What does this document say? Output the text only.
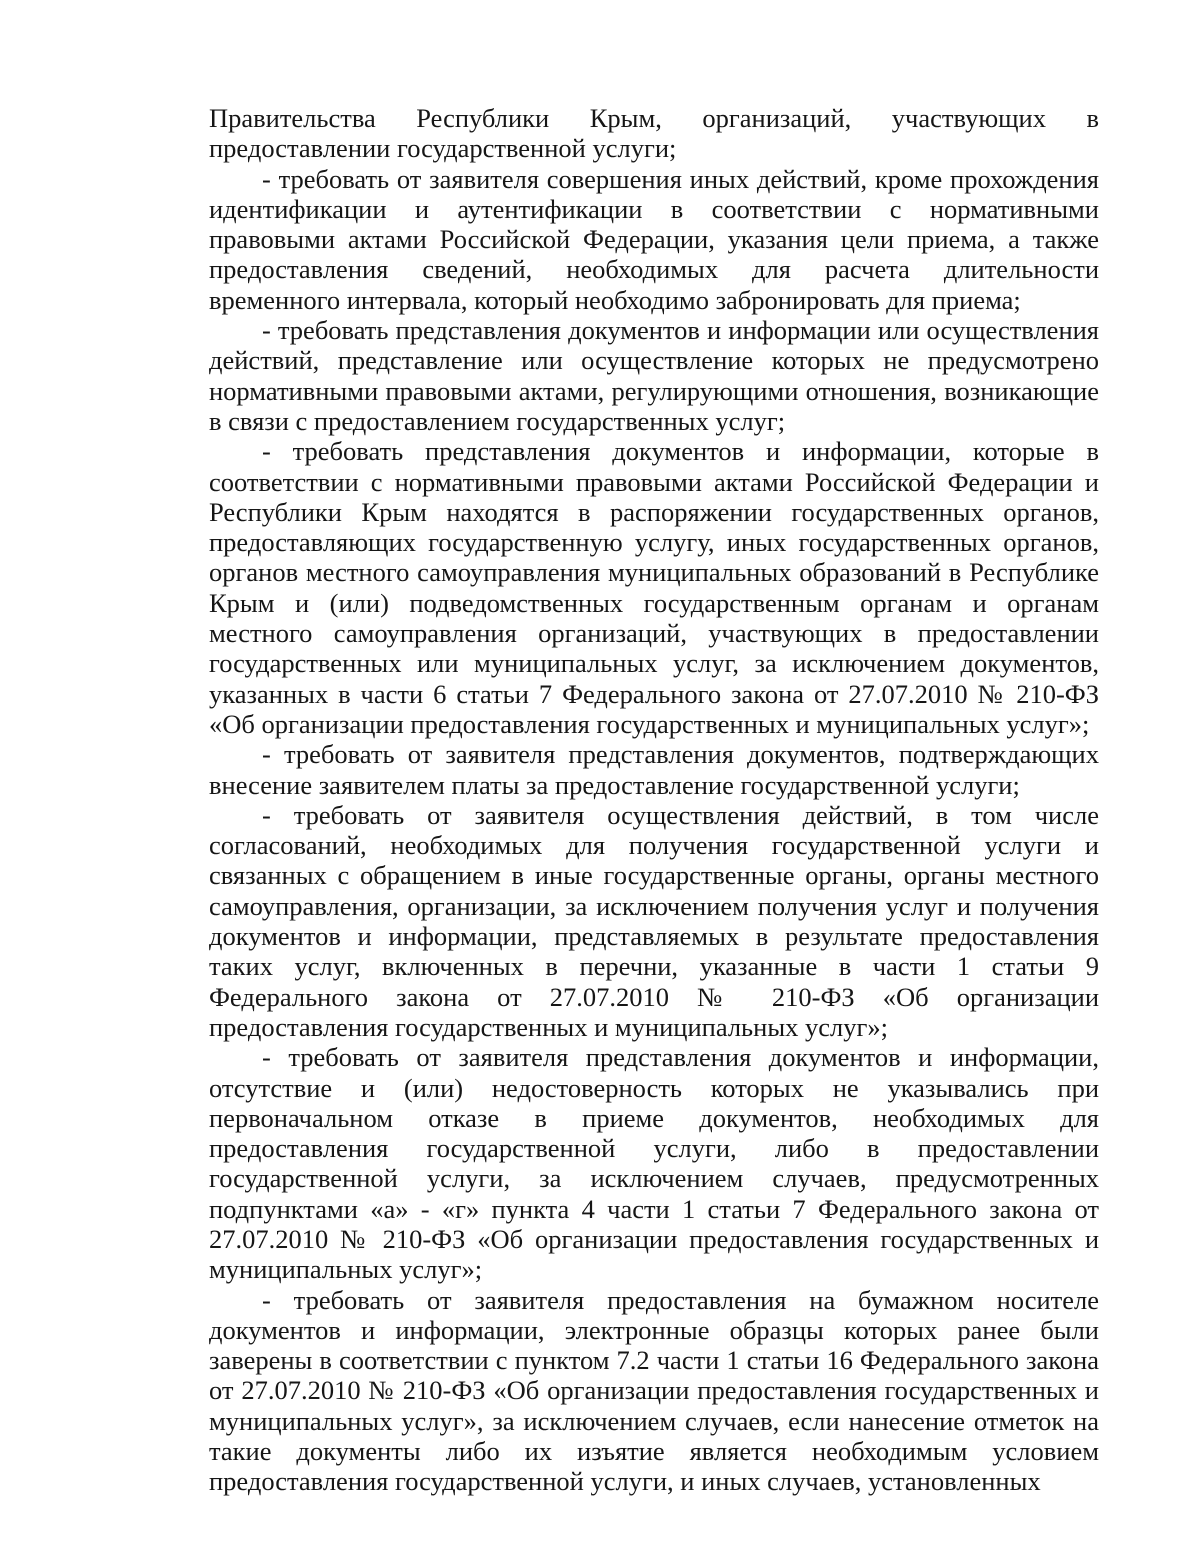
Правительства Республики Крым, организаций, участвующих в предоставлении государственной услуги;

- требовать от заявителя совершения иных действий, кроме прохождения идентификации и аутентификации в соответствии с нормативными правовыми актами Российской Федерации, указания цели приема, а также предоставления сведений, необходимых для расчета длительности временного интервала, который необходимо забронировать для приема;

- требовать представления документов и информации или осуществления действий, представление или осуществление которых не предусмотрено нормативными правовыми актами, регулирующими отношения, возникающие в связи с предоставлением государственных услуг;

- требовать представления документов и информации, которые в соответствии с нормативными правовыми актами Российской Федерации и Республики Крым находятся в распоряжении государственных органов, предоставляющих государственную услугу, иных государственных органов, органов местного самоуправления муниципальных образований в Республике Крым и (или) подведомственных государственным органам и органам местного самоуправления организаций, участвующих в предоставлении государственных или муниципальных услуг, за исключением документов, указанных в части 6 статьи 7 Федерального закона от 27.07.2010 № 210-ФЗ «Об организации предоставления государственных и муниципальных услуг»;

- требовать от заявителя представления документов, подтверждающих внесение заявителем платы за предоставление государственной услуги;

- требовать от заявителя осуществления действий, в том числе согласований, необходимых для получения государственной услуги и связанных с обращением в иные государственные органы, органы местного самоуправления, организации, за исключением получения услуг и получения документов и информации, представляемых в результате предоставления таких услуг, включенных в перечни, указанные в части 1 статьи 9 Федерального закона от 27.07.2010 № 210-ФЗ «Об организации предоставления государственных и муниципальных услуг»;

- требовать от заявителя представления документов и информации, отсутствие и (или) недостоверность которых не указывались при первоначальном отказе в приеме документов, необходимых для предоставления государственной услуги, либо в предоставлении государственной услуги, за исключением случаев, предусмотренных подпунктами «а» - «г» пункта 4 части 1 статьи 7 Федерального закона от 27.07.2010 № 210-ФЗ «Об организации предоставления государственных и муниципальных услуг»;

- требовать от заявителя предоставления на бумажном носителе документов и информации, электронные образцы которых ранее были заверены в соответствии с пунктом 7.2 части 1 статьи 16 Федерального закона от 27.07.2010 № 210-ФЗ «Об организации предоставления государственных и муниципальных услуг», за исключением случаев, если нанесение отметок на такие документы либо их изъятие является необходимым условием предоставления государственной услуги, и иных случаев, установленных
